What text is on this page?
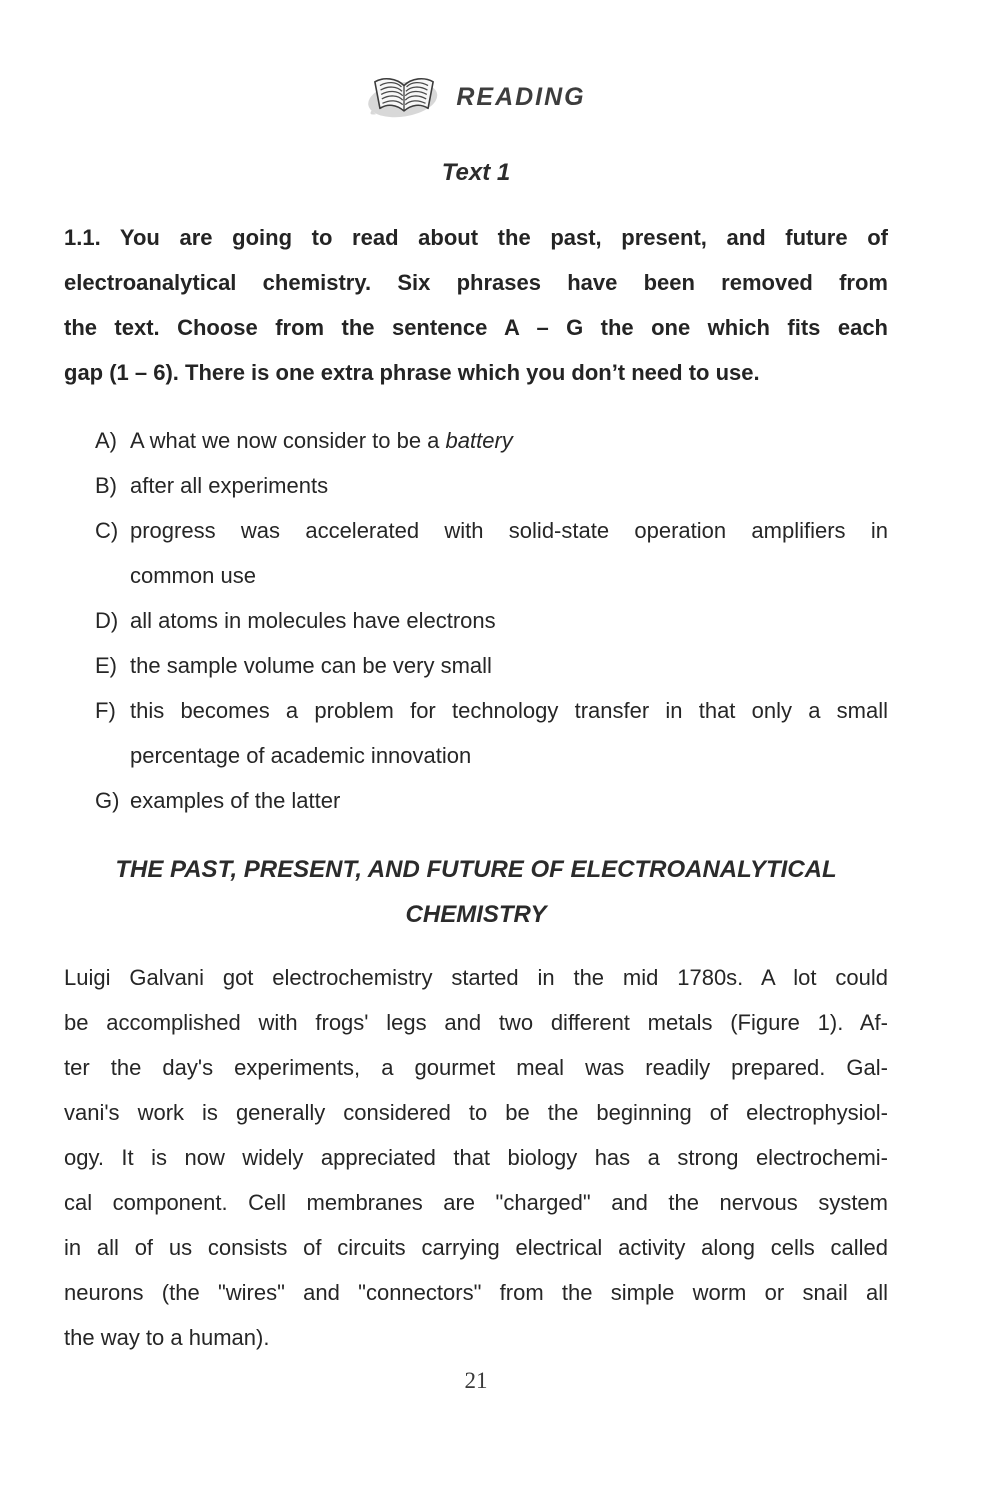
READING
Text 1
1.1. You are going to read about the past, present, and future of
electroanalytical chemistry. Six phrases have been removed from
the text. Choose from the sentence A – G the one which fits each
gap (1 – 6). There is one extra phrase which you don’t need to use.
A) A what we now consider to be a battery
B) after all experiments
C) progress was accelerated with solid-state operation amplifiers in
common use
D) all atoms in molecules have electrons
E) the sample volume can be very small
F) this becomes a problem for technology transfer in that only a small
percentage of academic innovation
G) examples of the latter
THE PAST, PRESENT, AND FUTURE OF ELECTROANALYTICAL
CHEMISTRY
Luigi Galvani got electrochemistry started in the mid 1780s. A lot could
be accomplished with frogs' legs and two different metals (Figure 1). Af-
ter the day's experiments, a gourmet meal was readily prepared. Gal-
vani's work is generally considered to be the beginning of electrophysiol-
ogy. It is now widely appreciated that biology has a strong electrochemi-
cal component. Cell membranes are "charged" and the nervous system
in all of us consists of circuits carrying electrical activity along cells called
neurons (the "wires" and "connectors" from the simple worm or snail all
the way to a human).
21
